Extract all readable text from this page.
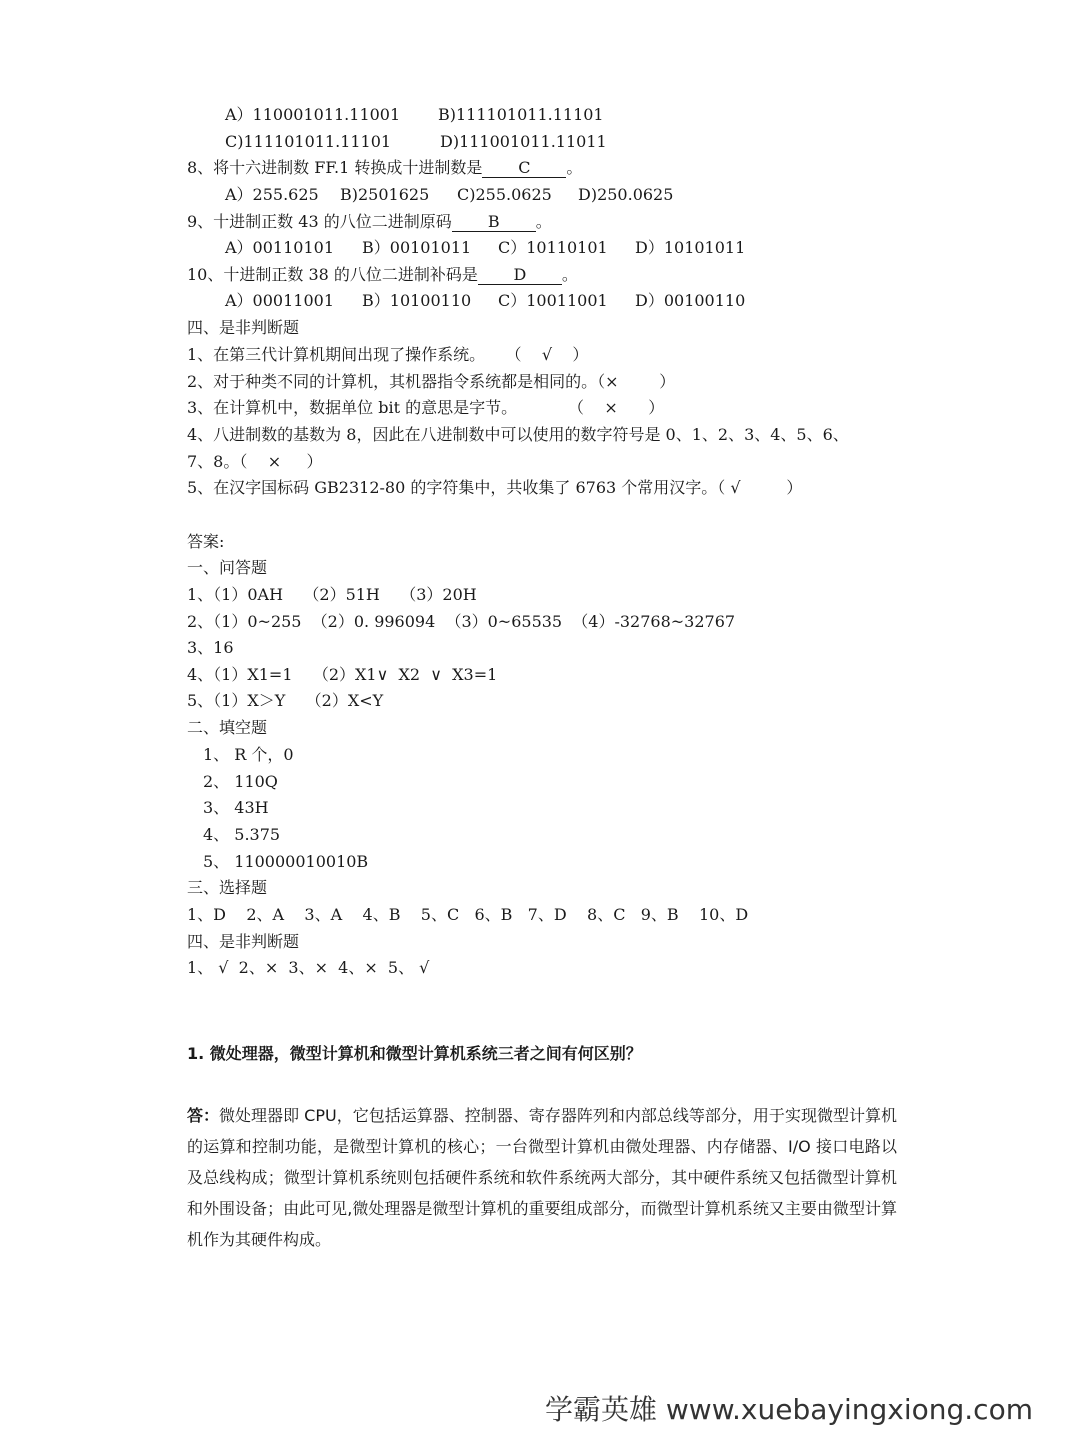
A）110001011.11001 B)111101011.11101
C)111101011.11101	D)111001011.11011
8、将十六进制数 FF.1 转换成十进制数是 C 。
A）255.625 B)2501625 C)255.0625 D)250.0625
9、十进制正数 43 的八位二进制原码 B 。
A）00110101 B）00101011 C）10110101 D）10101011
10、十进制正数 38 的八位二进制补码是 D 。
A）00011001 B）10100110 C）10011001 D）00100110
四、是非判断题
1、在第三代计算机期间出现了操作系统。    （    √    ）
2、对于种类不同的计算机，其机器指令系统都是相同的。（×        ）
3、在计算机中，数据单位 bit 的意思是字节。          （    ×      ）
4、八进制数的基数为 8，因此在八进制数中可以使用的数字符号是 0、1、2、3、4、5、6、
7、8。（    ×     ）
5、在汉字国标码 GB2312-80 的字符集中，共收集了 6763 个常用汉字。（ √         ）
答案:
一、问答题
1、（1）0AH    （2）51H    （3）20H
2、（1）0~255  （2）0. 996094  （3）0~65535  （4）-32768~32767
3、16
4、（1）X1=1    （2）X1∨  X2  ∨  X3=1
5、（1）X＞Y    （2）X<Y
二、填空题
1、 R 个，0
2、 110Q
3、 43H
4、 5.375
5、 110000010010B
三、选择题
1、D    2、A    3、A    4、B    5、C   6、B   7、D    8、C   9、B    10、D
四、是非判断题
1、 √  2、×  3、×  4、×  5、 √
1. 微处理器，微型计算机和微型计算机系统三者之间有何区别？
答：微处理器即 CPU，它包括运算器、控制器、寄存器阵列和内部总线等部分，用于实现微型计算机的运算和控制功能，是微型计算机的核心；一台微型计算机由微处理器、内存储器、I/O 接口电路以及总线构成；微型计算机系统则包括硬件系统和软件系统两大部分，其中硬件系统又包括微型计算机和外围设备；由此可见,微处理器是微型计算机的重要组成部分，而微型计算机系统又主要由微型计算机作为其硬件构成。
学霸英雄 www.xuebayingxiong.com
